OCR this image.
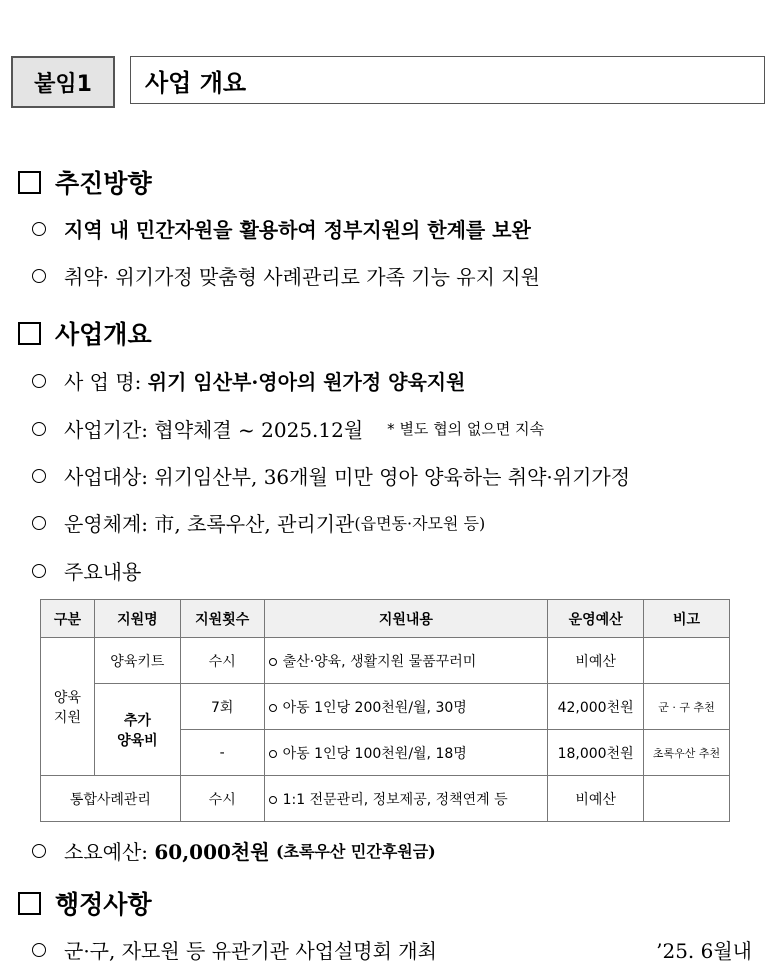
붙임1	사업 개요
추진방향
지역 내 민간자원을 활용하여 정부지원의 한계를 보완
취약· 위기가정 맞춤형 사례관리로 가족 기능 유지 지원
사업개요
사 업 명:
위기 임산부·영아의 원가정 양육지원
사업기간:
협약체결 ~ 2025.12월 * 별도 협의 없으면 지속
사업대상:
위기임산부, 36개월 미만 영아 양육하는 취약·위기가정
운영체계:
市, 초록우산, 관리기관 (읍면동·자모원 등)
주요내용
구분	지원명	지원횟수	지원내용	운영예산	비고
양육
지원	양육키트	수시	출산·양육, 생활지원 물품꾸러미	비예산	
	추가
양육비	7회	아동 1인당 200천원/월, 30명	42,000천원	군 · 구 추천
		-	아동 1인당 100천원/월, 18명	18,000천원	초록우산 추천
통합사례관리		수시	1:1 전문관리, 정보제공, 정책연계 등	비예산	
소요예산:
60,000천원
(초록우산 민간후원금)
행정사항
군·구, 자모원 등 유관기관 사업설명회 개최	’25. 6월내
